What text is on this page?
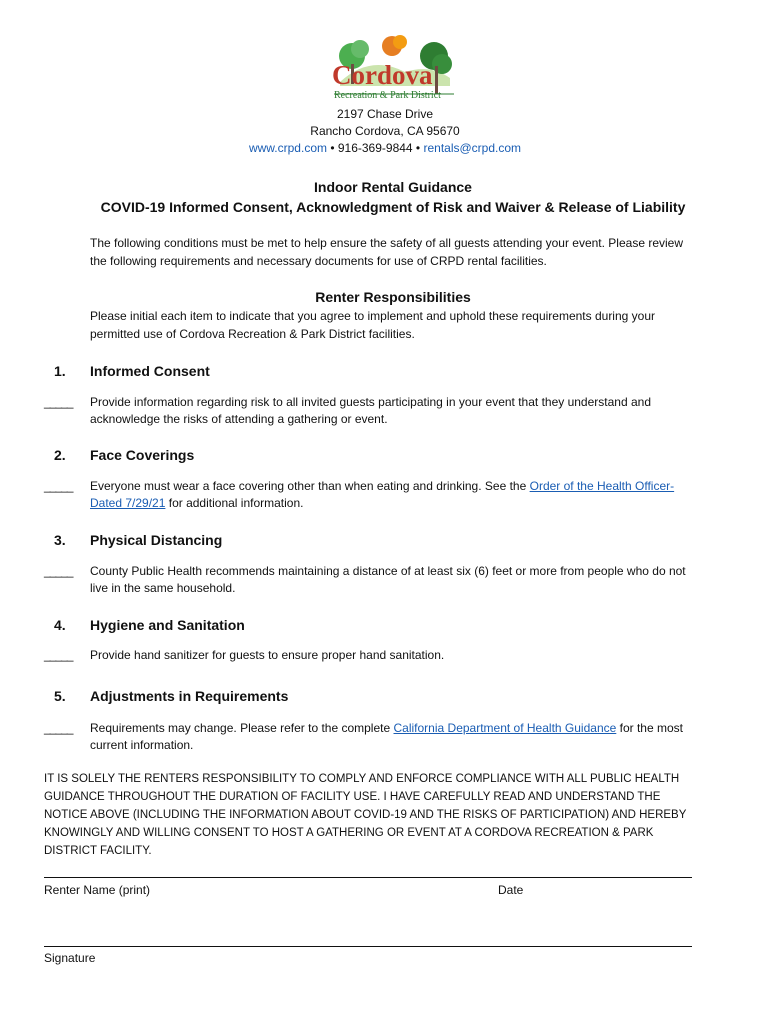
Cordova
Recreation & Park District
2197 Chase Drive
Rancho Cordova, CA 95670
www.crpd.com • 916-369-9844 • rentals@crpd.com
Indoor Rental Guidance
COVID-19 Informed Consent, Acknowledgment of Risk and Waiver & Release of Liability
The following conditions must be met to help ensure the safety of all guests attending your event. Please review the following requirements and necessary documents for use of CRPD rental facilities.
Renter Responsibilities
Please initial each item to indicate that you agree to implement and uphold these requirements during your permitted use of Cordova Recreation & Park District facilities.
1. Informed Consent
_____ Provide information regarding risk to all invited guests participating in your event that they understand and acknowledge the risks of attending a gathering or event.
2. Face Coverings
_____ Everyone must wear a face covering other than when eating and drinking. See the Order of the Health Officer- Dated 7/29/21 for additional information.
3. Physical Distancing
_____ County Public Health recommends maintaining a distance of at least six (6) feet or more from people who do not live in the same household.
4. Hygiene and Sanitation
_____ Provide hand sanitizer for guests to ensure proper hand sanitation.
5. Adjustments in Requirements
_____ Requirements may change. Please refer to the complete California Department of Health Guidance for the most current information.
IT IS SOLELY THE RENTERS RESPONSIBILITY TO COMPLY AND ENFORCE COMPLIANCE WITH ALL PUBLIC HEALTH GUIDANCE THROUGHOUT THE DURATION OF FACILITY USE. I HAVE CAREFULLY READ AND UNDERSTAND THE NOTICE ABOVE (INCLUDING THE INFORMATION ABOUT COVID-19 AND THE RISKS OF PARTICIPATION) AND HEREBY KNOWINGLY AND WILLING CONSENT TO HOST A GATHERING OR EVENT AT A CORDOVA RECREATION & PARK DISTRICT FACILITY.
Renter Name (print)	Date
Signature
